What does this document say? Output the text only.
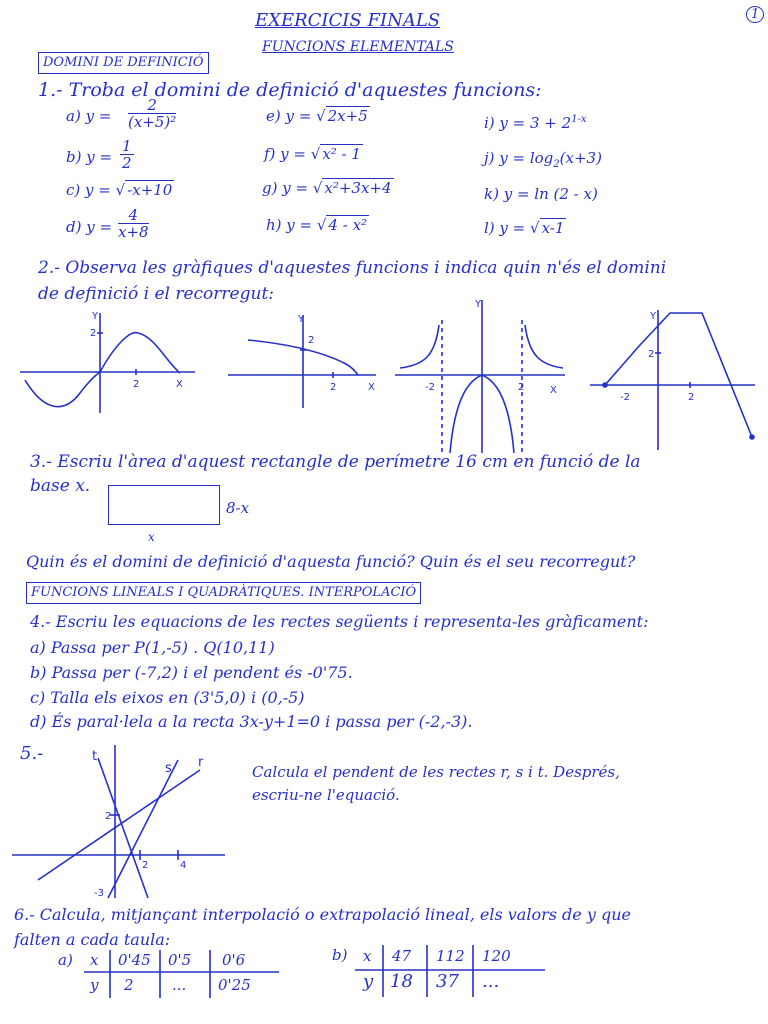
1
EXERCICIS FINALS
FUNCIONS ELEMENTALS
DOMINI DE DEFINICIÓ
1.- Troba el domini de definició d'aquestes funcions:
a) $y = \frac{2}{\text{(x+5)²}}$
b) $y = \frac{1}{2}$
c) y = √ -x+10
d) $y = \frac{4}{x+8}$
e) y = √ 2x+5
f) y = √ x² - 1
g) y = √ x²+3x+4
h) y = √ 4 - x²
i) $y = 3 + 2^{1-x}$
j) $y = \log_2(x+3)$
k) y = ln (2 - x)
l) y = √ x-1
2.- Observa les gràfiques d'aquestes funcions i indica quin n'és el domini
de definició i el recorregut:
Y
X
2
2
Y
X
2
2
Y
X
-2	2
Y
-2	2
2
3.- Escriu l'àrea d'aquest rectangle de perímetre 16 cm en funció de la
base x.
8-x
x
Quin és el domini de definició d'aquesta funció? Quin és el seu recorregut?
FUNCIONS LINEALS I QUADRÀTIQUES. INTERPOLACIÓ
4.- Escriu les equacions de les rectes següents i representa-les gràficament:
a) Passa per P(1,-5) . Q(10,11)
b) Passa per (-7,2) i el pendent és -0'75.
c) Talla els eixos en (3'5,0) i (0,-5)
d) És paral·lela a la recta 3x-y+1=0 i passa per (-2,-3).
5.-	t
s r
2
2	4
-3
Calcula el pendent de les rectes r, s i t. Després,
escriu-ne l'equació.
6.- Calcula, mitjançant interpolació o extrapolació lineal, els valors de y que
falten a cada taula:
a) x 0'45 0'5 0'6
y 2	... 0'25
b) x 47 112 120
y 18 37 ...
